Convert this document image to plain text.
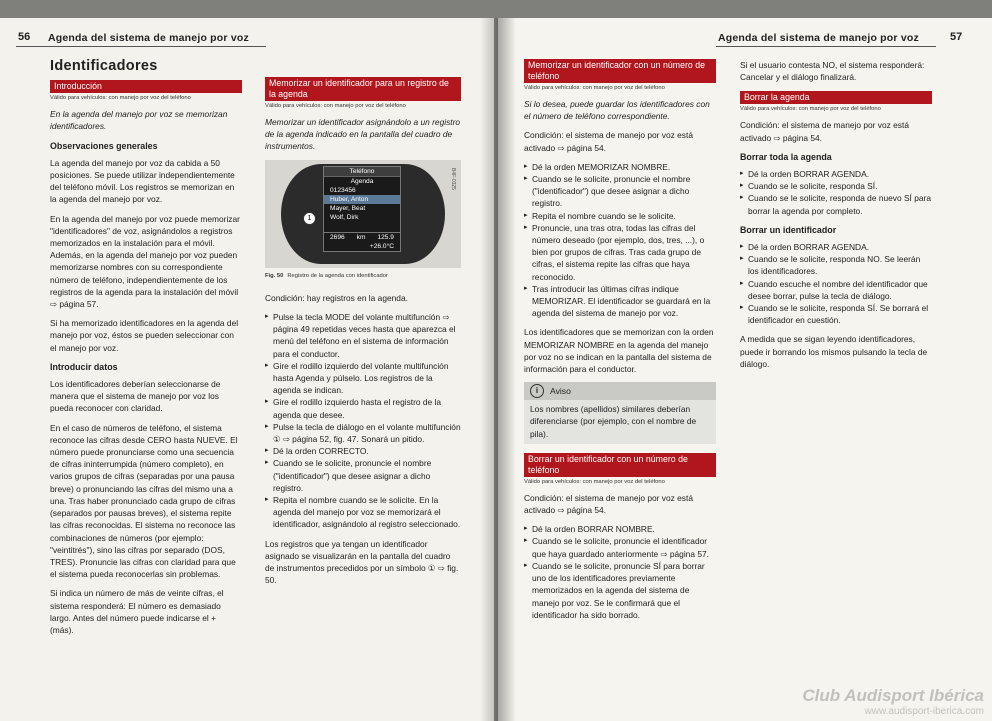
56 Agenda del sistema de manejo por voz
Identificadores
Introducción
Válido para vehículos: con manejo por voz del teléfono

En la agenda del manejo por voz se memorizan identificadores.

Observaciones generales

La agenda del manejo por voz da cabida a 50 posiciones. Se puede utilizar independientemente del teléfono móvil. Los registros se memorizan en la agenda del manejo por voz.

En la agenda del manejo por voz puede memorizar "identificadores" de voz, asignándolos a registros memorizados en la instalación para el móvil. Además, en la agenda del manejo por voz pueden memorizarse nombres con su correspondiente número de teléfono, independientemente de los registros de la agenda para la instalación del móvil ⇨ página 57.

Si ha memorizado identificadores en la agenda del manejo por voz, éstos se pueden seleccionar con el manejo por voz.

Introducir datos

Los identificadores deberían seleccionarse de manera que el sistema de manejo por voz los pueda reconocer con claridad.

En el caso de números de teléfono, el sistema reconoce las cifras desde CERO hasta NUEVE. El número puede pronunciarse como una secuencia de cifras ininterrumpida (número completo), en varios grupos de cifras (separadas por una pausa breve) o pronunciando las cifras del mismo una a una. Tras haber pronunciado cada grupo de cifras (separados por pausas breves), el sistema repite las cifras reconocidas. El sistema no reconoce las combinaciones de números (por ejemplo: "veintitrés"), sino las cifras por separado (DOS, TRES). Pronuncie las cifras con claridad para que el sistema pueda reconocerlas sin problemas.

Si indica un número de más de veinte cifras, el sistema responderá: El número es demasiado largo. Antes del número puede indicarse el + (más).

Memorizar un identificador para un registro de la agenda
Válido para vehículos: con manejo por voz del teléfono

Memorizar un identificador asignándolo a un registro de la agenda indicado en la pantalla del cuadro de instrumentos.

Teléfono
Agenda
0123456
Huber, Anton
Mayer, Beat
Wolf, Dirk
2696 km 125.9
+26.0°C
1
B4F-0325
Fig. 50 Registro de la agenda con identificador

Condición: hay registros en la agenda.

▸ Pulse la tecla MODE del volante multifunción ⇨ página 49 repetidas veces hasta que aparezca el menú del teléfono en el sistema de información para el conductor.
▸ Gire el rodillo izquierdo del volante multifunción hasta Agenda y púlselo. Los registros de la agenda se indican.
▸ Gire el rodillo izquierdo hasta el registro de la agenda que desee.
▸ Pulse la tecla de diálogo en el volante multifunción ① ⇨ página 52, fig. 47. Sonará un pitido.
▸ Dé la orden CORRECTO.
▸ Cuando se le solicite, pronuncie el nombre ("identificador") que desee asignar a dicho registro.
▸ Repita el nombre cuando se le solicite. En la agenda del manejo por voz se memorizará el identificador, asignándolo al registro seleccionado.

Los registros que ya tengan un identificador asignado se visualizarán en la pantalla del cuadro de instrumentos precedidos por un símbolo ① ⇨ fig. 50.

Agenda del sistema de manejo por voz	57
Memorizar un identificador con un número de teléfono
Válido para vehículos: con manejo por voz del teléfono

Si lo desea, puede guardar los identificadores con el número de teléfono correspondiente.

Condición: el sistema de manejo por voz está activado ⇨ página 54.

▸ Dé la orden MEMORIZAR NOMBRE.
▸ Cuando se le solicite, pronuncie el nombre ("identificador") que desee asignar a dicho registro.
▸ Repita el nombre cuando se le solicite.
▸ Pronuncie, una tras otra, todas las cifras del número deseado (por ejemplo, dos, tres, ...), o bien por grupos de cifras. Tras cada grupo de cifras, el sistema repite las cifras que haya reconocido.
▸ Tras introducir las últimas cifras indique MEMORIZAR. El identificador se guardará en la agenda del sistema de manejo por voz.

Los identificadores que se memorizan con la orden MEMORIZAR NOMBRE en la agenda del manejo por voz no se indican en la pantalla del sistema de información para el conductor.

i	Aviso
Los nombres (apellidos) similares deberían diferenciarse (por ejemplo, con el nombre de pila).
Borrar un identificador con un número de teléfono
Válido para vehículos: con manejo por voz del teléfono

Condición: el sistema de manejo por voz está activado ⇨ página 54.

▸ Dé la orden BORRAR NOMBRE.
▸ Cuando se le solicite, pronuncie el identificador que haya guardado anteriormente ⇨ página 57.
▸ Cuando se le solicite, pronuncie SÍ para borrar uno de los identificadores previamente memorizados en la agenda del sistema de manejo por voz. Se le confirmará que el identificador ha sido borrado.

Si el usuario contesta NO, el sistema responderá: Cancelar y el diálogo finalizará.

Borrar la agenda
Válido para vehículos: con manejo por voz del teléfono

Condición: el sistema de manejo por voz está activado ⇨ página 54.

Borrar toda la agenda
▸ Dé la orden BORRAR AGENDA.
▸ Cuando se le solicite, responda SÍ.
▸ Cuando se le solicite, responda de nuevo SÍ para borrar la agenda por completo.
Borrar un identificador
▸ Dé la orden BORRAR AGENDA.
▸ Cuando se le solicite, responda NO. Se leerán los identificadores.
▸ Cuando escuche el nombre del identificador que desee borrar, pulse la tecla de diálogo.
▸ Cuando se le solicite, responda SÍ. Se borrará el identificador en cuestión.

A medida que se sigan leyendo identificadores, puede ir borrando los mismos pulsando la tecla de diálogo.

Club Audisport Ibérica
www.audisport-iberica.com
